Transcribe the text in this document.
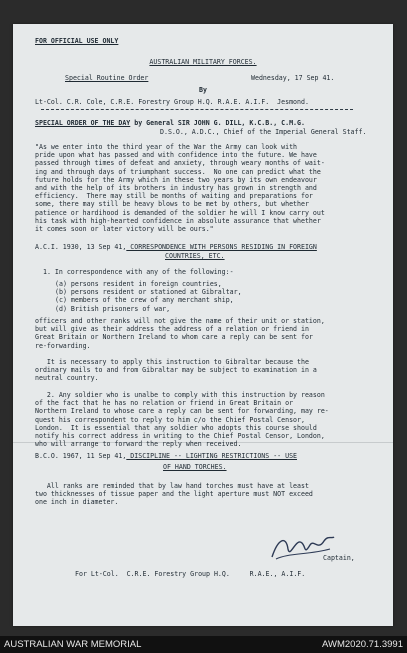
FOR OFFICIAL USE ONLY
AUSTRALIAN MILITARY FORCES.
Special Routine Order	Wednesday, 17 Sep 41.
By
Lt-Col. C.R. Cole, C.R.E. Forestry Group H.Q. R.A.E. A.I.F.  Jesmond.
SPECIAL ORDER OF THE DAY by General SIR JOHN G. DILL, K.C.B., C.M.G.
D.S.O., A.D.C., Chief of the Imperial General Staff.
"As we enter into the third year of the War the Army can look with
pride upon what has passed and with confidence into the future. We have
passed through times of defeat and anxiety, through weary months of wait-
ing and through days of triumphant success.  No one can predict what the
future holds for the Army which in these two years by its own endeavour
and with the help of its brothers in industry has grown in strength and
efficiency.  There may still be months of waiting and preparations for
some, there may still be heavy blows to be met by others, but whether
patience or hardihood is demanded of the soldier he will I know carry out
his task with high-hearted confidence in absolute assurance that whether
it comes soon or later victory will be ours."
A.C.I. 1930, 13 Sep 41, CORRESPONDENCE WITH PERSONS RESIDING IN FOREIGN
COUNTRIES, ETC.
1. In correspondence with any of the following:-
(a) persons resident in foreign countries,
(b) persons resident or stationed at Gibraltar,
(c) members of the crew of any merchant ship,
(d) British prisoners of war,
officers and other ranks will not give the name of their unit or station,
but will give as their address the address of a relation or friend in
Great Britain or Northern Ireland to whom care a reply can be sent for
re-forwarding.
It is necessary to apply this instruction to Gibraltar because the
ordinary mails to and from Gibraltar may be subject to examination in a
neutral country.
2. Any soldier who is unalbe to comply with this instruction by reason
of the fact that he has no relation or friend in Great Britain or
Northern Ireland to whose care a reply can be sent for forwarding, may re-
quest his correspondent to reply to him c/o the Chief Postal Censor,
London.  It is essential that any soldier who adopts this course should
notify his correct address in writing to the Chief Postal Censor, London,
who will arrange to forward the reply when received.
B.C.O. 1967, 11 Sep 41, DISCIPLINE -- LIGHTING RESTRICTIONS -- USE
OF HAND TORCHES.
All ranks are reminded that by law hand torches must have at least
two thicknesses of tissue paper and the light aperture must NOT exceed
one inch in diameter.
Captain,
For Lt-Col.  C.R.E. Forestry Group H.Q.     R.A.E., A.I.F.
AUSTRALIAN WAR MEMORIAL	AWM2020.71.3991
